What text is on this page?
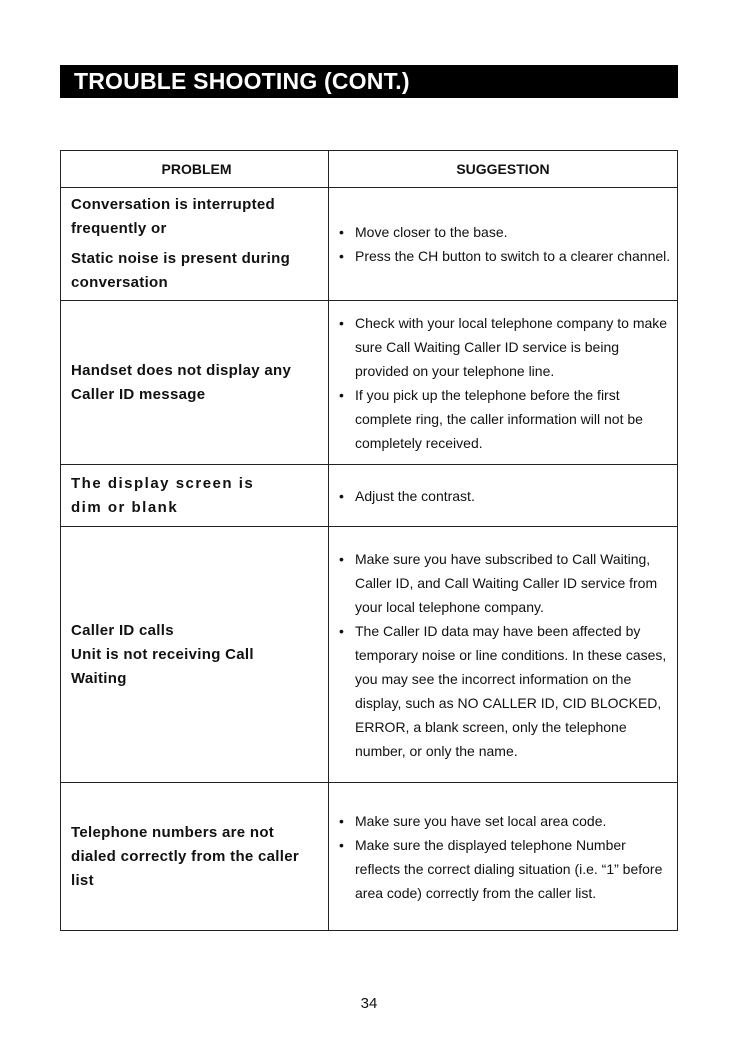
TROUBLE SHOOTING (CONT.)
PROBLEM	SUGGESTION
Conversation is interrupted frequently or
Static noise is present during conversation
• Move closer to the base.
• Press the CH button to switch to a clearer channel.
Handset does not display any Caller ID message
• Check with your local telephone company to make sure Call Waiting Caller ID service is being provided on your telephone line.
• If you pick up the telephone before the first complete ring, the caller information will not be completely received.
The display screen is dim or blank
• Adjust the contrast.
Caller ID calls
Unit is not receiving Call Waiting
• Make sure you have subscribed to Call Waiting, Caller ID, and Call Waiting Caller ID service from your local telephone company.
• The Caller ID data may have been affected by temporary noise or line conditions. In these cases, you may see the incorrect information on the display, such as NO CALLER ID, CID BLOCKED, ERROR, a blank screen, only the telephone number, or only the name.
Telephone numbers are not dialed correctly from the caller list
• Make sure you have set local area code.
• Make sure the displayed telephone Number reflects the correct dialing situation (i.e. “1” before area code) correctly from the caller list.
34
